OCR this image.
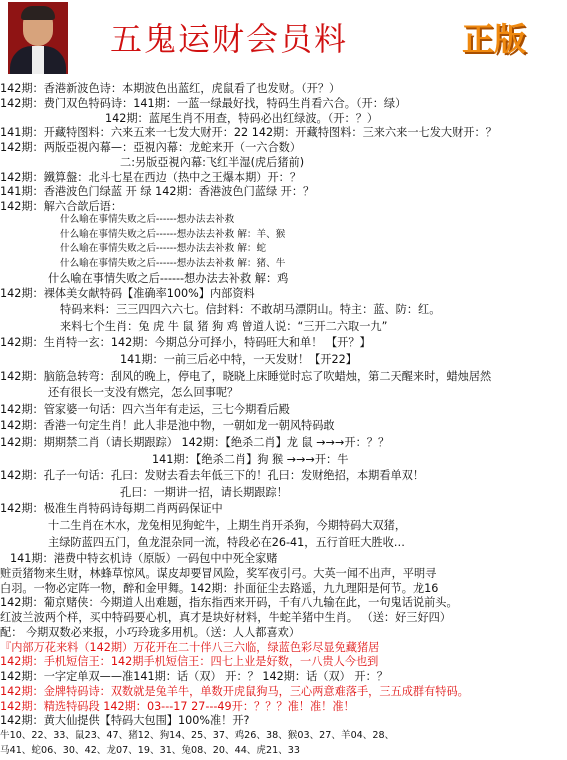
五鬼运财会员料	正版
142期：香港新波色诗：本期波色出蓝红，虎鼠看了也发财。（开？）
142期：费门双色特码诗：141期：一蓝一绿最好找，特码生肖看六合。（开：绿）
142期：蓝尾生肖不用查，特码必出红绿波。（开：？）
141期：开藏特图料：六来五来一七发大财开：22 142期：开藏特图料：三来六来一七发大财开：？
142期：两版亞視內幕—：亞視內幕：龙蛇来开（一六合数）
二:另版亞視內幕:飞红半湿(虎后猪前)
142期：鐵算盤：北斗七星在西边（热中之王爆本期）开：？
141期：香港波色门绿蓝 开 绿 142期：香港波色门蓝绿 开：？
142期：解六合歆后语：
什么喻在事情失败之后------想办法去补救
什么喻在事情失败之后------想办法去补救 解：羊、猴
什么喻在事情失败之后------想办法去补救 解：蛇
什么喻在事情失败之后------想办法去补救 解：猪、牛
什么喻在事情失败之后------想办法去补救 解：鸡
142期：裸体美女献特码【准确率100%】内部资料
特码来料：三三四四六六七。信封料：不敢胡马漂阴山。特主：蓝、防：红。
来料七个生肖：兔 虎 牛 鼠 猪 狗 鸡 曾道人说：“三开二六取一九”
142期：生肖特一玄：142期：今期总分可择小，特码旺大和单！ 【开？】
141期：一前三后必中特，一天发财！【开22】
142期：脑筋急转弯：刮风的晚上，停电了，晓晓上床睡觉时忘了吹蜡烛，第二天醒来时，蜡烛居然
还有很长一支没有燃完，怎么回事呢？
142期：管家婆一句话：四六当年有走运，三七今期看后殿
142期：香港一句定生肖！此人非是池中物，一朝如龙一朝风特码敢
142期：期期禁二肖（请长期跟踪） 142期：【绝杀二肖】龙 鼠 →→→开：？？
141期：【绝杀二肖】狗 猴 →→→开：牛
142期：孔子一句话：孔曰：发财去看去年低三下的！孔曰：发财绝招，本期看单双！
孔曰：一期讲一招，请长期跟踪！
142期：极准生肖特码诗每期二肖两码保证中
十二生肖在木水，龙兔相见狗蛇牛，上期生肖开杀狗，今期特码大双猪，
主绿防蓝四五门，鱼龙混杂同一流，特段必在26-41，五行首旺大胜收…
141期：港费中特玄机诗（原版）一码包中中死全家赌
赃贡猪物来生财，林蜂草惊风。谋皮却要冒风险，奖军夜引弓。大英一闻不出声，平明寻
白羽。一物必定阵一物，醉和金甲舞。142期：扑面征尘去路遥，九九理阳是何节。龙16
142期：葡京赌侠：今期道人出难题，指东指西来开码，千有八九输在此，一句鬼话说前头。
红波兰波两个样，买中特码要心机，真才是块好材料，牛蛇羊猪中生肖。 （送：好三好四）
配： 今期双数必来报，小巧玲珑多用机。（送：人人都喜欢）
『内部万花来料（142期）万花开在二十伴八三六临，绿蓝色彩尽显免藏猪居
142期：手机短信王：142期手机短信王：四七上业是好数，一八贵人今也到
142期：一字定单双——准141期：话（双） 开：？ 142期：话（双） 开：？
142期：金牌特码诗：双数就是兔羊牛，单数开虎鼠狗马，三心两意难落手，三五成群有特码。
142期：精选特码段 142期：03---17 27---49开：？？？准！准！准！
142期：黄大仙提供【特码大包围】100%准！开?
牛10、22、33、鼠23、47、猪12、狗14、25、37、鸡26、38、猴03、27、羊04、28、
马41、蛇06、30、42、龙07、19、31、兔08、20、44、虎21、33
